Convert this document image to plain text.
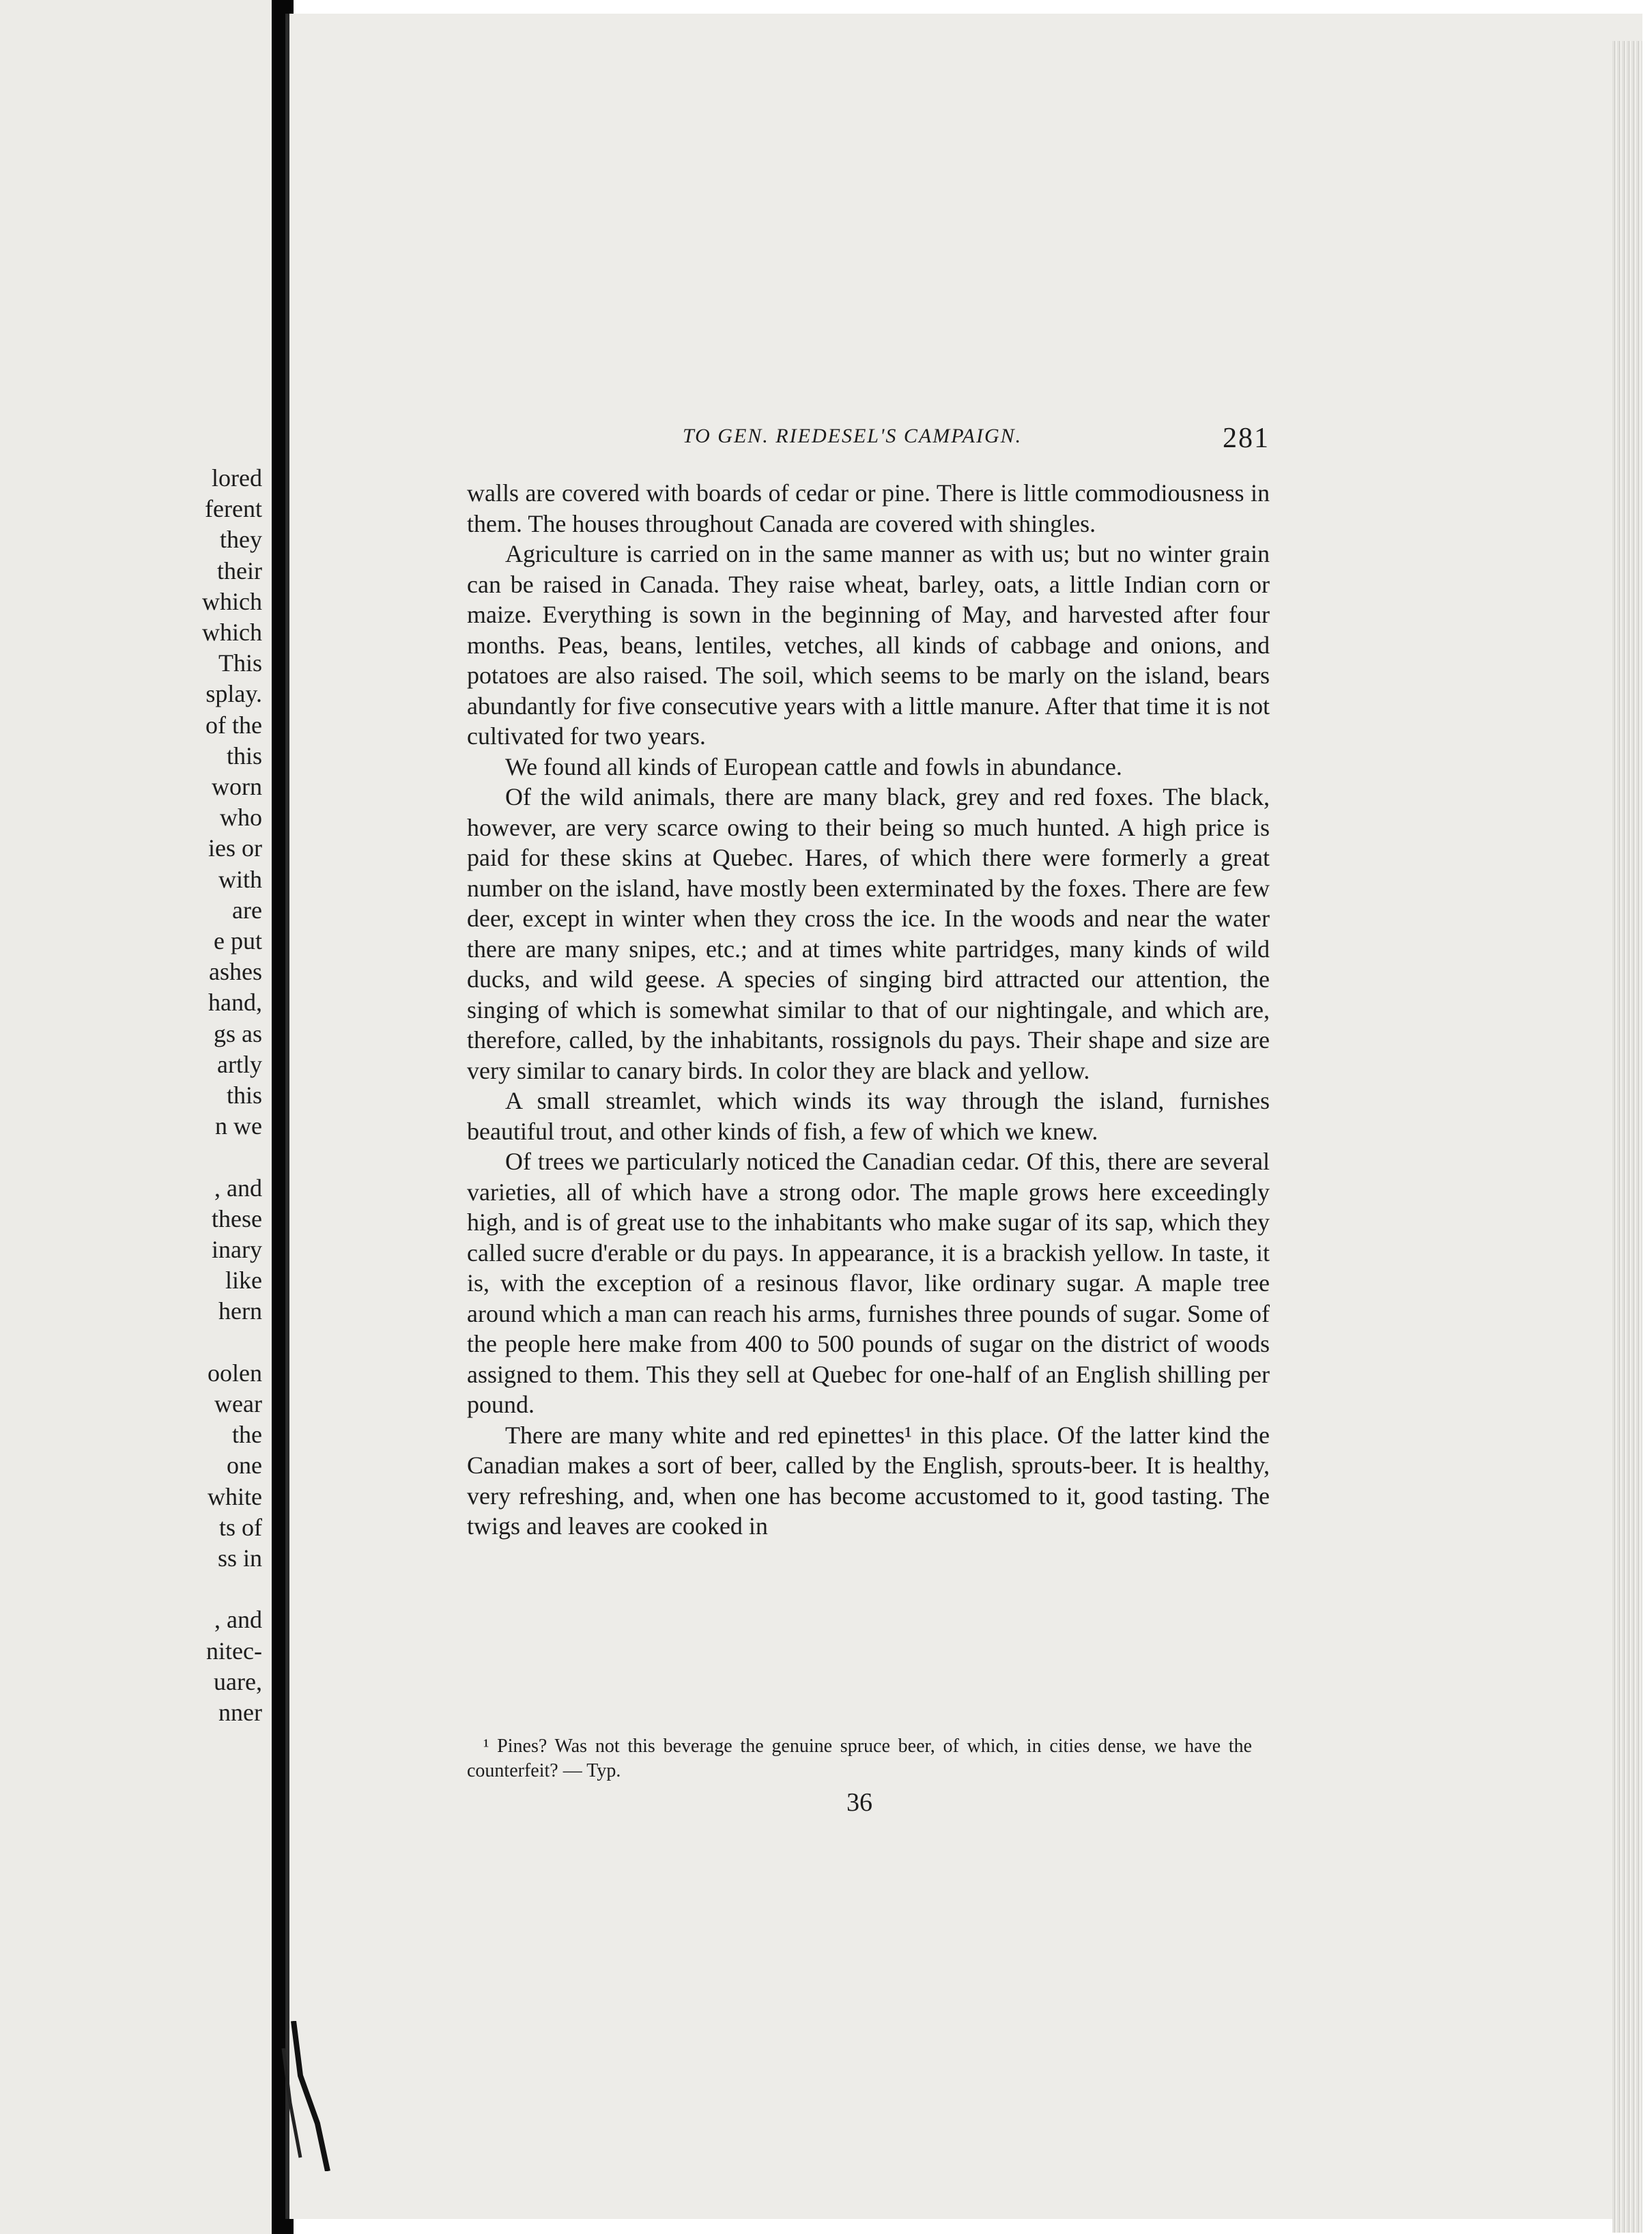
lored
ferent
they
their
which
which
This
splay.
of the
this
worn
who
ies or
with
are
e put
ashes
hand,
gs as
artly
this
n we
, and
these
inary
like
hern
oolen
wear
the
one
white
ts of
ss in
, and
nitec-
uare,
nner
TO GEN. RIEDESEL'S CAMPAIGN.	281

walls are covered with boards of cedar or pine. There is little commodiousness in them. The houses throughout Canada are covered with shingles.

Agriculture is carried on in the same manner as with us; but no winter grain can be raised in Canada. They raise wheat, barley, oats, a little Indian corn or maize. Everything is sown in the beginning of May, and harvested after four months. Peas, beans, lentiles, vetches, all kinds of cabbage and onions, and potatoes are also raised. The soil, which seems to be marly on the island, bears abundantly for five consecutive years with a little manure. After that time it is not cultivated for two years.

We found all kinds of European cattle and fowls in abundance.

Of the wild animals, there are many black, grey and red foxes. The black, however, are very scarce owing to their being so much hunted. A high price is paid for these skins at Quebec. Hares, of which there were formerly a great number on the island, have mostly been exterminated by the foxes. There are few deer, except in winter when they cross the ice. In the woods and near the water there are many snipes, etc.; and at times white partridges, many kinds of wild ducks, and wild geese. A species of singing bird attracted our attention, the singing of which is somewhat similar to that of our nightingale, and which are, therefore, called, by the inhabitants, rossignols du pays. Their shape and size are very similar to canary birds. In color they are black and yellow.

A small streamlet, which winds its way through the island, furnishes beautiful trout, and other kinds of fish, a few of which we knew.

Of trees we particularly noticed the Canadian cedar. Of this, there are several varieties, all of which have a strong odor. The maple grows here exceedingly high, and is of great use to the inhabitants who make sugar of its sap, which they called sucre d'erable or du pays. In appearance, it is a brackish yellow. In taste, it is, with the exception of a resinous flavor, like ordinary sugar. A maple tree around which a man can reach his arms, furnishes three pounds of sugar. Some of the people here make from 400 to 500 pounds of sugar on the district of woods assigned to them. This they sell at Quebec for one-half of an English shilling per pound.

There are many white and red epinettes¹ in this place. Of the latter kind the Canadian makes a sort of beer, called by the English, sprouts-beer. It is healthy, very refreshing, and, when one has become accustomed to it, good tasting. The twigs and leaves are cooked in

¹ Pines? Was not this beverage the genuine spruce beer, of which, in cities dense, we have the counterfeit? — Typ.
36
